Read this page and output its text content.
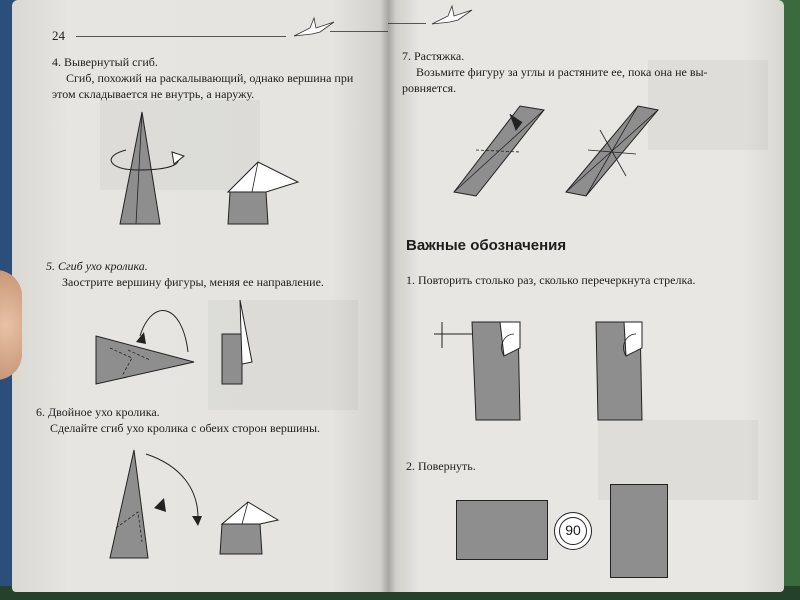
24
4. Вывернутый сгиб.
Сгиб, похожий на раскалывающий, однако вершина при
этом складывается не внутрь, а наружу.
5. Сгиб ухо кролика.
Заострите вершину фигуры, меняя ее направление.
6. Двойное ухо кролика.
Сделайте сгиб ухо кролика с обеих сторон вершины.
7. Растяжка.
Возьмите фигуру за углы и растяните ее, пока она не вы-
ровняется.
Важные обозначения
1. Повторить столько раз, сколько перечеркнута стрелка.
2. Повернуть.
90
